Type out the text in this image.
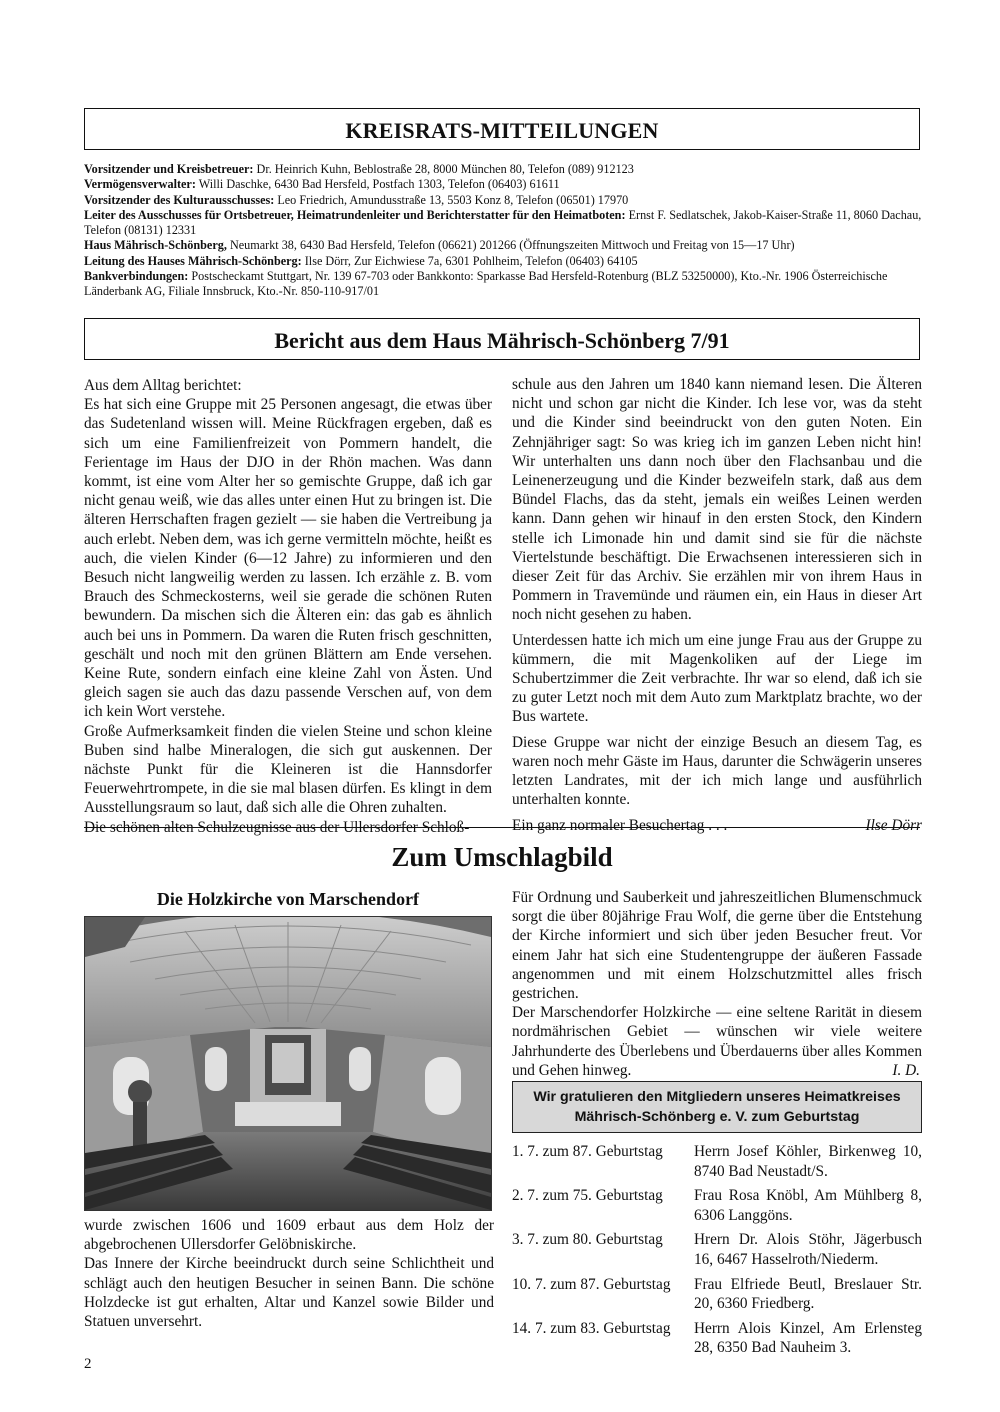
KREISRATS-MITTEILUNGEN

Vorsitzender und Kreisbetreuer: Dr. Heinrich Kuhn, Beblostraße 28, 8000 München 80, Telefon (089) 912123

Vermögensverwalter: Willi Daschke, 6430 Bad Hersfeld, Postfach 1303, Telefon (06403) 61611

Vorsitzender des Kulturausschusses: Leo Friedrich, Amundusstraße 13, 5503 Konz 8, Telefon (06501) 17970

Leiter des Ausschusses für Ortsbetreuer, Heimatrundenleiter und Berichterstatter für den Heimatboten: Ernst F. Sedlatschek, Jakob-Kaiser-Straße 11, 8060 Dachau, Telefon (08131) 12331

Haus Mährisch-Schönberg, Neumarkt 38, 6430 Bad Hersfeld, Telefon (06621) 201266 (Öffnungszeiten Mittwoch und Freitag von 15—17 Uhr)

Leitung des Hauses Mährisch-Schönberg: Ilse Dörr, Zur Eichwiese 7a, 6301 Pohlheim, Telefon (06403) 64105

Bankverbindungen: Postscheckamt Stuttgart, Nr. 139 67-703 oder Bankkonto: Sparkasse Bad Hersfeld-Rotenburg (BLZ 53250000), Kto.-Nr. 1906 Österreichische Länderbank AG, Filiale Innsbruck, Kto.-Nr. 850-110-917/01

Bericht aus dem Haus Mährisch-Schönberg 7/91

Aus dem Alltag berichtet:

Es hat sich eine Gruppe mit 25 Personen angesagt, die etwas über das Sudetenland wissen will. Meine Rückfragen ergeben, daß es sich um eine Familienfreizeit von Pommern handelt, die Ferientage im Haus der DJO in der Rhön machen. Was dann kommt, ist eine vom Alter her so gemischte Gruppe, daß ich gar nicht genau weiß, wie das alles unter einen Hut zu bringen ist. Die älteren Herrschaften fragen gezielt — sie haben die Vertreibung ja auch erlebt. Neben dem, was ich gerne vermitteln möchte, heißt es auch, die vielen Kinder (6—12 Jahre) zu informieren und den Besuch nicht langweilig werden zu lassen. Ich erzähle z. B. vom Brauch des Schmeckosterns, weil sie gerade die schönen Ruten bewundern. Da mischen sich die Älteren ein: das gab es ähnlich auch bei uns in Pommern. Da waren die Ruten frisch geschnitten, geschält und noch mit den grünen Blättern am Ende versehen. Keine Rute, sondern einfach eine kleine Zahl von Ästen. Und gleich sagen sie auch das dazu passende Verschen auf, von dem ich kein Wort verstehe.

Große Aufmerksamkeit finden die vielen Steine und schon kleine Buben sind halbe Mineralogen, die sich gut auskennen. Der nächste Punkt für die Kleineren ist die Hannsdorfer Feuerwehrtrompete, in die sie mal blasen dürfen. Es klingt in dem Ausstellungsraum so laut, daß sich alle die Ohren zuhalten.

Die schönen alten Schulzeugnisse aus der Ullersdorfer Schloß-

schule aus den Jahren um 1840 kann niemand lesen. Die Älteren nicht und schon gar nicht die Kinder. Ich lese vor, was da steht und die Kinder sind beeindruckt von den guten Noten. Ein Zehnjähriger sagt: So was krieg ich im ganzen Leben nicht hin! Wir unterhalten uns dann noch über den Flachsanbau und die Leinenerzeugung und die Kinder bezweifeln stark, daß aus dem Bündel Flachs, das da steht, jemals ein weißes Leinen werden kann. Dann gehen wir hinauf in den ersten Stock, den Kindern stelle ich Limonade hin und damit sind sie für die nächste Viertelstunde beschäftigt. Die Erwachsenen interessieren sich in dieser Zeit für das Archiv. Sie erzählen mir von ihrem Haus in Pommern in Travemünde und räumen ein, ein Haus in dieser Art noch nicht gesehen zu haben.

Unterdessen hatte ich mich um eine junge Frau aus der Gruppe zu kümmern, die mit Magenkoliken auf der Liege im Schubertzimmer die Zeit verbrachte. Ihr war so elend, daß ich sie zu guter Letzt noch mit dem Auto zum Marktplatz brachte, wo der Bus wartete.

Diese Gruppe war nicht der einzige Besuch an diesem Tag, es waren noch mehr Gäste im Haus, darunter die Schwägerin unseres letzten Landrates, mit der ich mich lange und ausführlich unterhalten konnte.

Ein ganz normaler Besuchertag . . .	Ilse Dörr
Zum Umschlagbild
Die Holzkirche von Marschendorf

wurde zwischen 1606 und 1609 erbaut aus dem Holz der abgebrochenen Ullersdorfer Gelöbniskirche.

Das Innere der Kirche beeindruckt durch seine Schlichtheit und schlägt auch den heutigen Besucher in seinen Bann. Die schöne Holzdecke ist gut erhalten, Altar und Kanzel sowie Bilder und Statuen unversehrt.

Für Ordnung und Sauberkeit und jahreszeitlichen Blumenschmuck sorgt die über 80jährige Frau Wolf, die gerne über die Entstehung der Kirche informiert und sich über jeden Besucher freut. Vor einem Jahr hat sich eine Studentengruppe der äußeren Fassade angenommen und mit einem Holzschutzmittel alles frisch gestrichen.

Der Marschendorfer Holzkirche — eine seltene Rarität in diesem nordmährischen Gebiet — wünschen wir viele weitere Jahrhunderte des Überlebens und Überdauerns über alles Kommen und Gehen hinweg.	I. D.

Wir gratulieren den Mitgliedern unseres Heimatkreises
Mährisch-Schönberg e. V. zum Geburtstag
1. 7. zum 87. Geburtstag	Herrn Josef Köhler, Birkenweg 10, 8740 Bad Neustadt/S.
2. 7. zum 75. Geburtstag	Frau Rosa Knöbl, Am Mühlberg 8, 6306 Langgöns.
3. 7. zum 80. Geburtstag	Hrern Dr. Alois Stöhr, Jägerbusch 16, 6467 Hasselroth/Niederm.
10. 7. zum 87. Geburtstag	Frau Elfriede Beutl, Breslauer Str. 20, 6360 Friedberg.
14. 7. zum 83. Geburtstag	Herrn Alois Kinzel, Am Erlensteg 28, 6350 Bad Nauheim 3.
2
